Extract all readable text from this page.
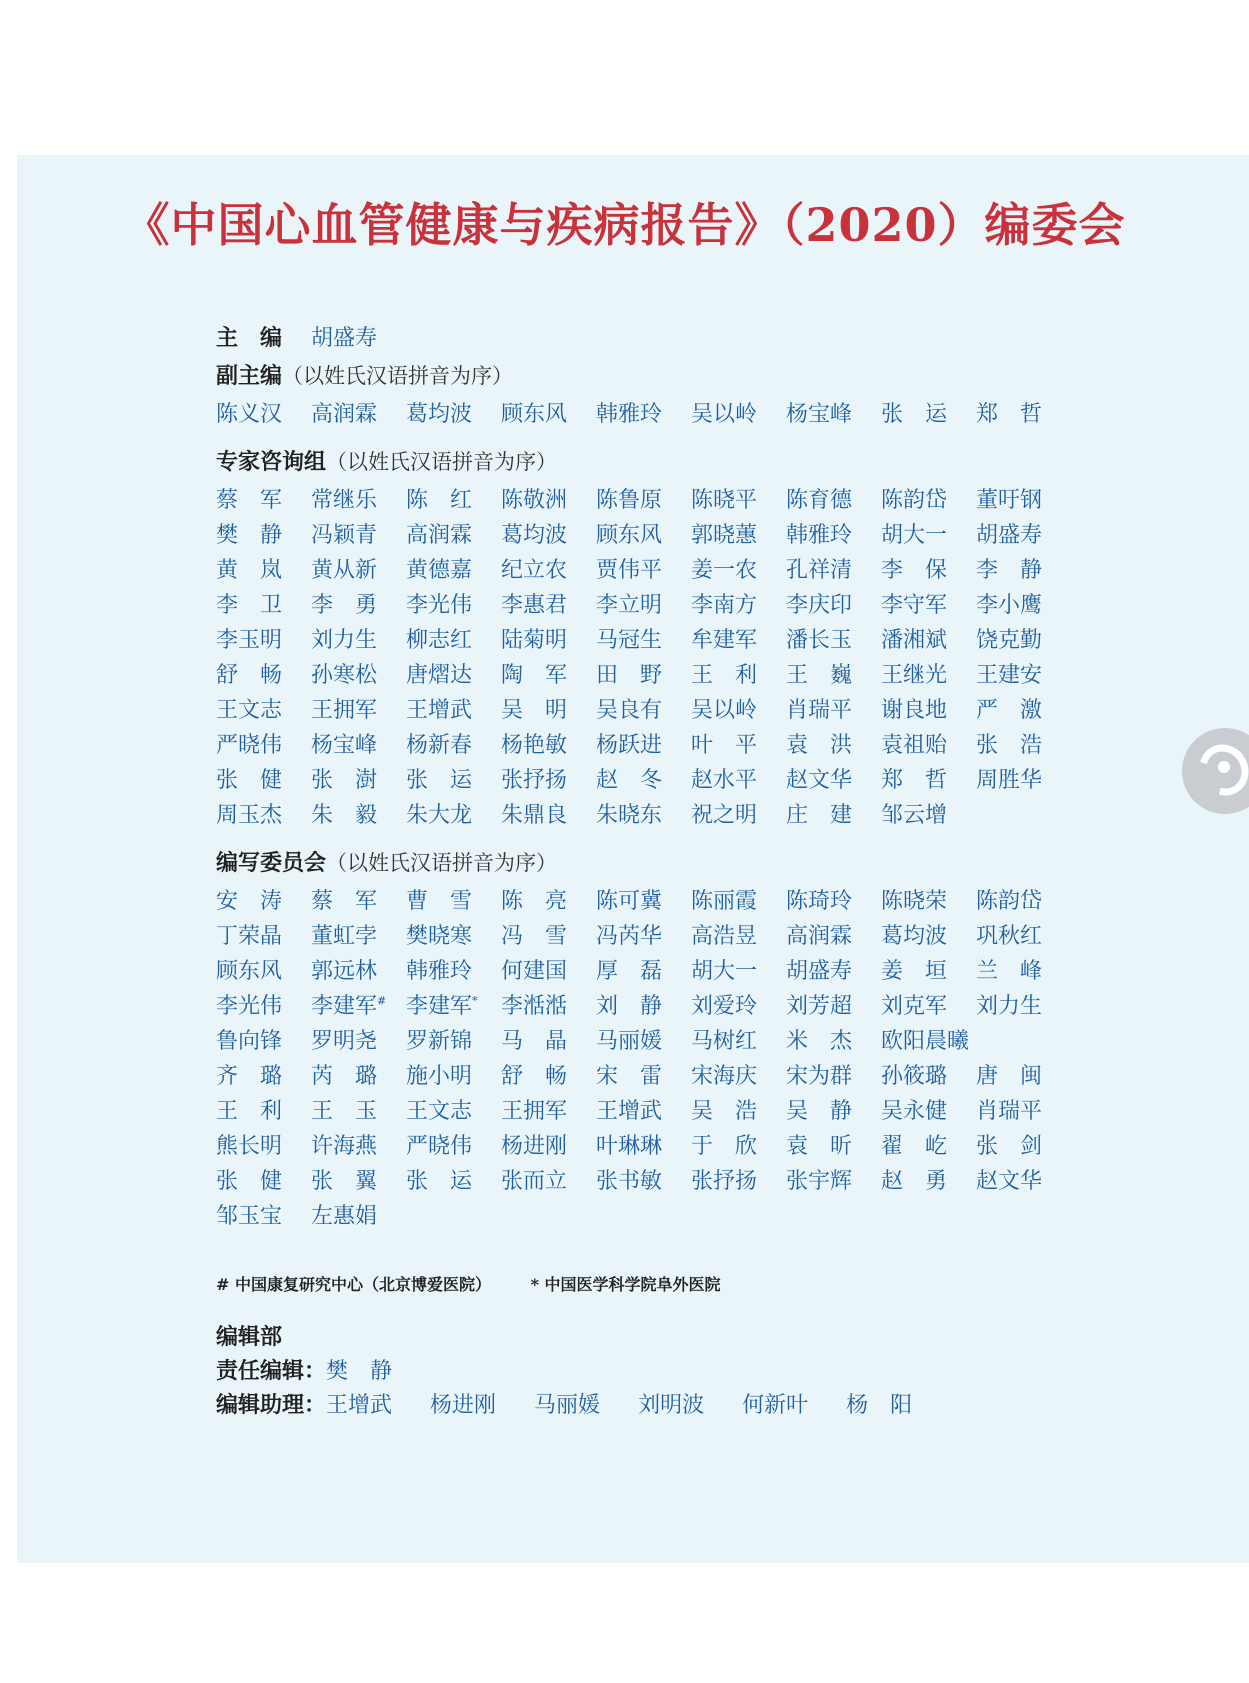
《中国心血管健康与疾病报告》（2020）编委会
主　编	胡盛寿
副主编 （以姓氏汉语拼音为序）
陈义汉	高润霖	葛均波	顾东风	韩雅玲	吴以岭	杨宝峰	张　运	郑　哲
专家咨询组 （以姓氏汉语拼音为序）
蔡　军	常继乐	陈　红	陈敬洲	陈鲁原	陈晓平	陈育德	陈韵岱	董吁钢
樊　静	冯颖青	高润霖	葛均波	顾东风	郭晓蕙	韩雅玲	胡大一	胡盛寿
黄　岚	黄从新	黄德嘉	纪立农	贾伟平	姜一农	孔祥清	李　保	李　静
李　卫	李　勇	李光伟	李惠君	李立明	李南方	李庆印	李守军	李小鹰
李玉明	刘力生	柳志红	陆菊明	马冠生	牟建军	潘长玉	潘湘斌	饶克勤
舒　畅	孙寒松	唐熠达	陶　军	田　野	王　利	王　巍	王继光	王建安
王文志	王拥军	王增武	吴　明	吴良有	吴以岭	肖瑞平	谢良地	严　激
严晓伟	杨宝峰	杨新春	杨艳敏	杨跃进	叶　平	袁　洪	袁祖贻	张　浩
张　健	张　澍	张　运	张抒扬	赵　冬	赵水平	赵文华	郑　哲	周胜华
周玉杰	朱　毅	朱大龙	朱鼎良	朱晓东	祝之明	庄　建	邹云增
编写委员会 （以姓氏汉语拼音为序）
安　涛	蔡　军	曹　雪	陈　亮	陈可冀	陈丽霞	陈琦玲	陈晓荣	陈韵岱
丁荣晶	董虹孛	樊晓寒	冯　雪	冯芮华	高浩昱	高润霖	葛均波	巩秋红
顾东风	郭远林	韩雅玲	何建国	厚　磊	胡大一	胡盛寿	姜　垣	兰　峰
李光伟	李建军# 李建军*	李湉湉	刘　静	刘爱玲	刘芳超	刘克军	刘力生
鲁向锋	罗明尧	罗新锦	马　晶	马丽媛	马树红	米　杰	欧阳晨曦
齐　璐	芮　璐	施小明	舒　畅	宋　雷	宋海庆	宋为群	孙筱璐	唐　闽
王　利	王　玉	王文志	王拥军	王增武	吴　浩	吴　静	吴永健	肖瑞平
熊长明	许海燕	严晓伟	杨进刚	叶琳琳	于　欣	袁　昕	翟　屹	张　剑
张　健	张　翼	张　运	张而立	张书敏	张抒扬	张宇辉	赵　勇	赵文华
邹玉宝	左惠娟
# 中国康复研究中心（北京博爱医院） * 中国医学科学院阜外医院
编辑部
责任编辑： 樊　静
编辑助理： 王增武 杨进刚 马丽媛 刘明波 何新叶 杨　阳
